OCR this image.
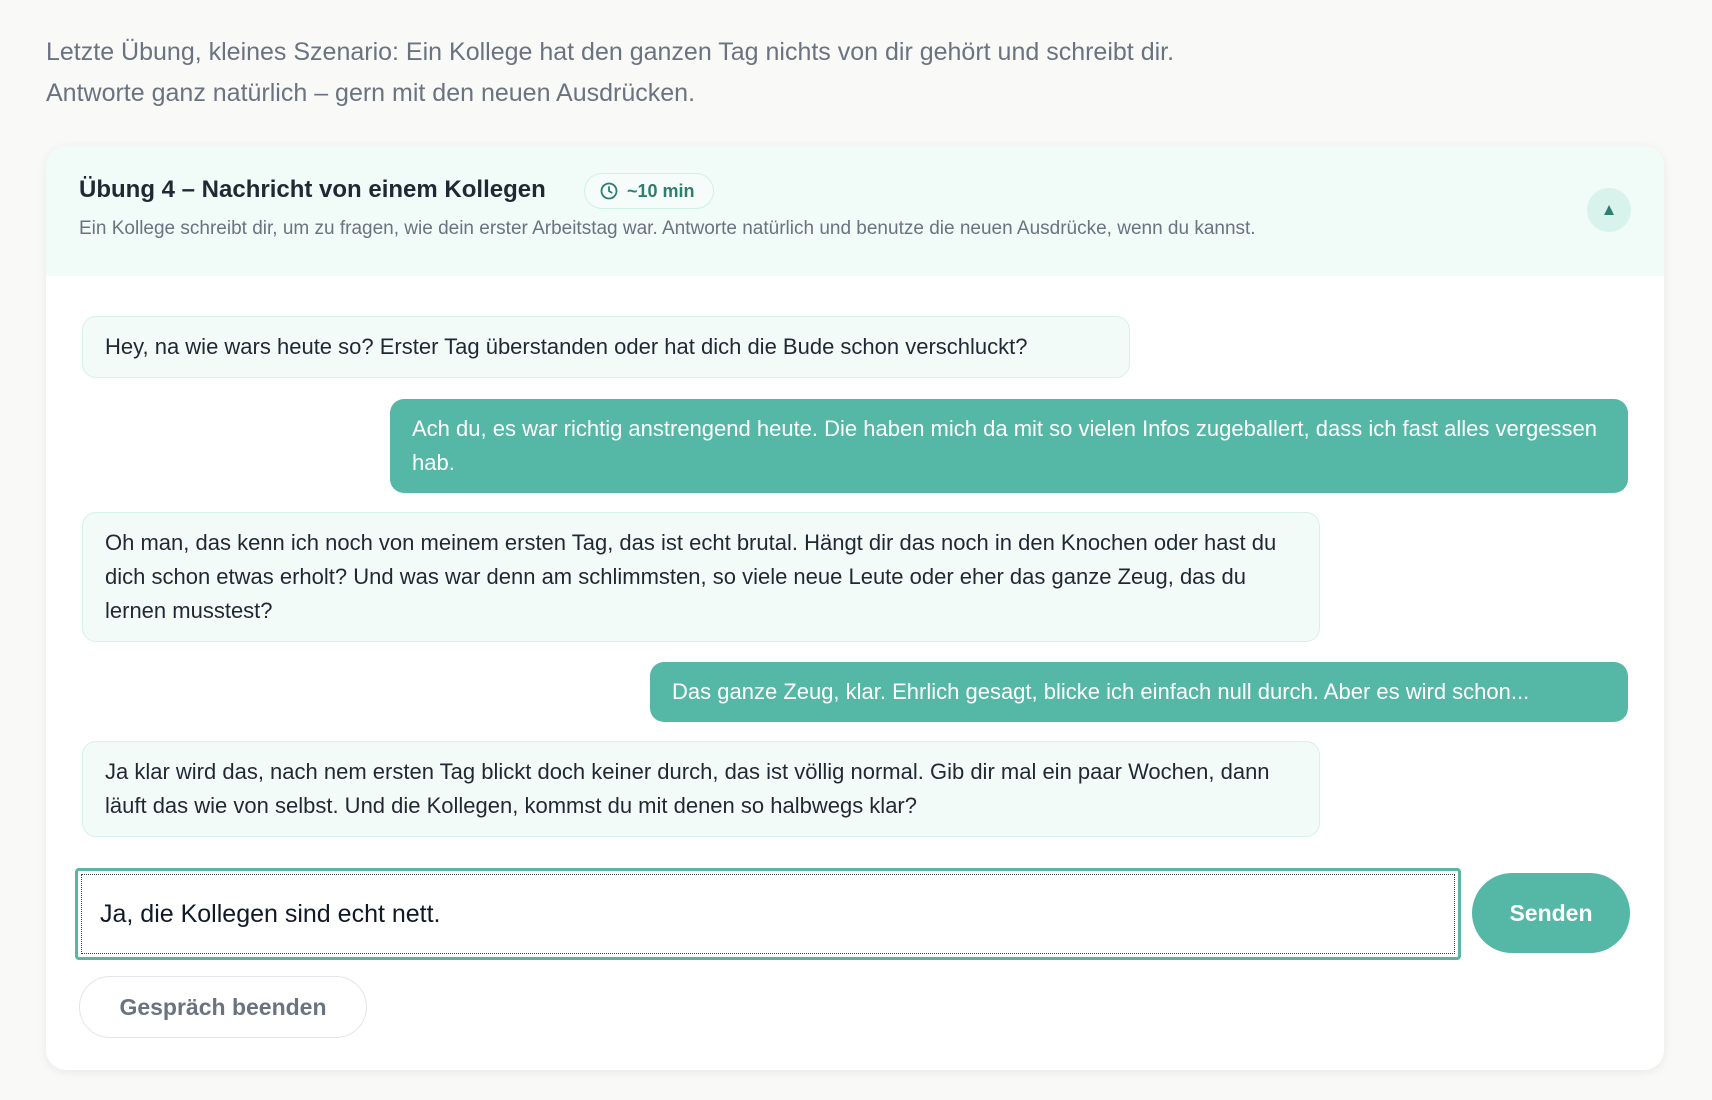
Letzte Übung, kleines Szenario: Ein Kollege hat den ganzen Tag nichts von dir gehört und schreibt dir. Antworte ganz natürlich – gern mit den neuen Ausdrücken.
Übung 4 – Nachricht von einem Kollegen	~10 min
Ein Kollege schreibt dir, um zu fragen, wie dein erster Arbeitstag war. Antworte natürlich und benutze die neuen Ausdrücke, wenn du kannst.
▲
Hey, na wie wars heute so? Erster Tag überstanden oder hat dich die Bude schon verschluckt?
Ach du, es war richtig anstrengend heute. Die haben mich da mit so vielen Infos zugeballert, dass ich fast alles vergessen hab.
Oh man, das kenn ich noch von meinem ersten Tag, das ist echt brutal. Hängt dir das noch in den Knochen oder hast du dich schon etwas erholt? Und was war denn am schlimmsten, so viele neue Leute oder eher das ganze Zeug, das du lernen musstest?
Das ganze Zeug, klar. Ehrlich gesagt, blicke ich einfach null durch. Aber es wird schon...
Ja klar wird das, nach nem ersten Tag blickt doch keiner durch, das ist völlig normal. Gib dir mal ein paar Wochen, dann läuft das wie von selbst. Und die Kollegen, kommst du mit denen so halbwegs klar?
Ja, die Kollegen sind echt nett.
Senden
Gespräch beenden
